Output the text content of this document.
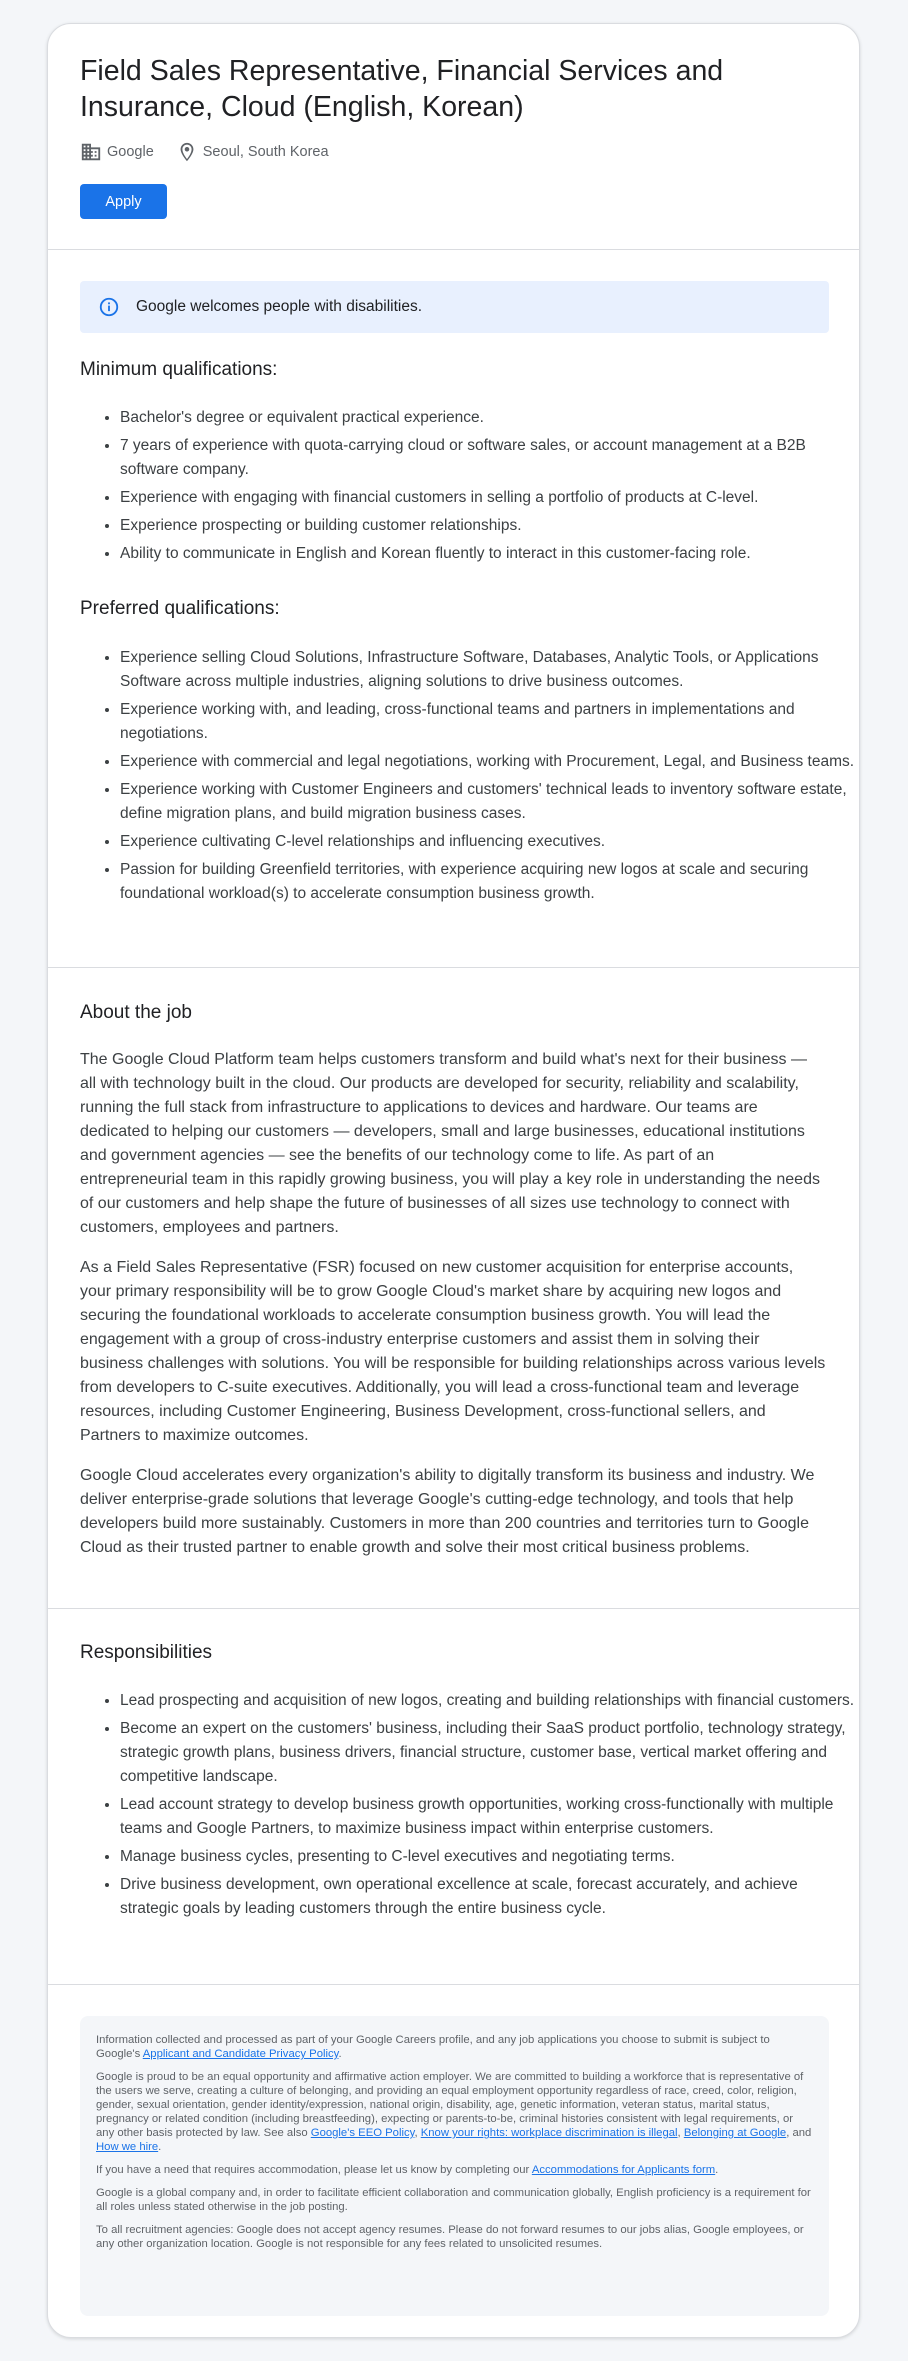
Field Sales Representative, Financial Services and Insurance, Cloud (English, Korean)
Google	Seoul, South Korea
Apply
Google welcomes people with disabilities.
Minimum qualifications:
• Bachelor's degree or equivalent practical experience.
• 7 years of experience with quota-carrying cloud or software sales, or account management at a B2B software company.
• Experience with engaging with financial customers in selling a portfolio of products at C-level.
• Experience prospecting or building customer relationships.
• Ability to communicate in English and Korean fluently to interact in this customer-facing role.
Preferred qualifications:
• Experience selling Cloud Solutions, Infrastructure Software, Databases, Analytic Tools, or Applications Software across multiple industries, aligning solutions to drive business outcomes.
• Experience working with, and leading, cross-functional teams and partners in implementations and negotiations.
• Experience with commercial and legal negotiations, working with Procurement, Legal, and Business teams.
• Experience working with Customer Engineers and customers' technical leads to inventory software estate, define migration plans, and build migration business cases.
• Experience cultivating C-level relationships and influencing executives.
• Passion for building Greenfield territories, with experience acquiring new logos at scale and securing foundational workload(s) to accelerate consumption business growth.
About the job

The Google Cloud Platform team helps customers transform and build what's next for their business — all with technology built in the cloud. Our products are developed for security, reliability and scalability, running the full stack from infrastructure to applications to devices and hardware. Our teams are dedicated to helping our customers — developers, small and large businesses, educational institutions and government agencies — see the benefits of our technology come to life. As part of an entrepreneurial team in this rapidly growing business, you will play a key role in understanding the needs of our customers and help shape the future of businesses of all sizes use technology to connect with customers, employees and partners.

As a Field Sales Representative (FSR) focused on new customer acquisition for enterprise accounts, your primary responsibility will be to grow Google Cloud's market share by acquiring new logos and securing the foundational workloads to accelerate consumption business growth. You will lead the engagement with a group of cross-industry enterprise customers and assist them in solving their business challenges with solutions. You will be responsible for building relationships across various levels from developers to C-suite executives. Additionally, you will lead a cross-functional team and leverage resources, including Customer Engineering, Business Development, cross-functional sellers, and Partners to maximize outcomes.

Google Cloud accelerates every organization's ability to digitally transform its business and industry. We deliver enterprise-grade solutions that leverage Google's cutting-edge technology, and tools that help developers build more sustainably. Customers in more than 200 countries and territories turn to Google Cloud as their trusted partner to enable growth and solve their most critical business problems.

Responsibilities
• Lead prospecting and acquisition of new logos, creating and building relationships with financial customers.
• Become an expert on the customers' business, including their SaaS product portfolio, technology strategy, strategic growth plans, business drivers, financial structure, customer base, vertical market offering and competitive landscape.
• Lead account strategy to develop business growth opportunities, working cross-functionally with multiple teams and Google Partners, to maximize business impact within enterprise customers.
• Manage business cycles, presenting to C-level executives and negotiating terms.
• Drive business development, own operational excellence at scale, forecast accurately, and achieve strategic goals by leading customers through the entire business cycle.

Information collected and processed as part of your Google Careers profile, and any job applications you choose to submit is subject to Google's Applicant and Candidate Privacy Policy.

Google is proud to be an equal opportunity and affirmative action employer. We are committed to building a workforce that is representative of the users we serve, creating a culture of belonging, and providing an equal employment opportunity regardless of race, creed, color, religion, gender, sexual orientation, gender identity/expression, national origin, disability, age, genetic information, veteran status, marital status, pregnancy or related condition (including breastfeeding), expecting or parents-to-be, criminal histories consistent with legal requirements, or any other basis protected by law. See also Google's EEO Policy, Know your rights: workplace discrimination is illegal, Belonging at Google, and How we hire.

If you have a need that requires accommodation, please let us know by completing our Accommodations for Applicants form.

Google is a global company and, in order to facilitate efficient collaboration and communication globally, English proficiency is a requirement for all roles unless stated otherwise in the job posting.

To all recruitment agencies: Google does not accept agency resumes. Please do not forward resumes to our jobs alias, Google employees, or any other organization location. Google is not responsible for any fees related to unsolicited resumes.
